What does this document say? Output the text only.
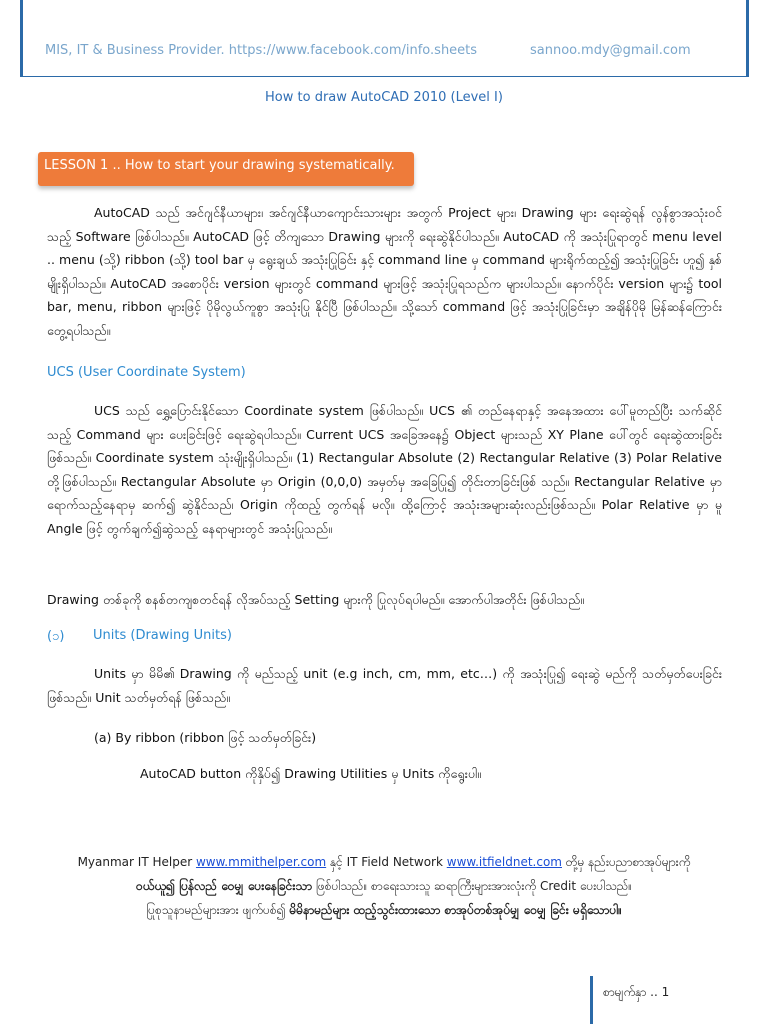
MIS, IT & Business Provider. https://www.facebook.com/info.sheets	sannoo.mdy@gmail.com
How to draw AutoCAD 2010 (Level I)
LESSON 1 .. How to start your drawing systematically.

AutoCAD သည် အင်ဂျင်နီယာများ၊ အင်ဂျင်နီယာကျောင်းသားများ အတွက် Project များ၊ Drawing များ ရေးဆွဲရန် လွန်စွာအသုံးဝင်သည့် Software ဖြစ်ပါသည်။ AutoCAD ဖြင့် တိကျသော Drawing များကို ရေးဆွဲနိုင်ပါသည်။ AutoCAD ကို အသုံးပြုရာတွင် menu level .. menu (သို့) ribbon (သို့) tool bar မှ ရွေးချယ် အသုံးပြုခြင်း နှင့် command line မှ command များရိုက်ထည့်၍ အသုံးပြုခြင်း ဟူ၍ နှစ်မျိုးရှိပါသည်။ AutoCAD အစောပိုင်း version များတွင် command များဖြင့် အသုံးပြုရသည်က များပါသည်။ နောက်ပိုင်း version များ၌ tool bar, menu, ribbon များဖြင့် ပိုမိုလွယ်ကူစွာ အသုံးပြု နိုင်ပြီ ဖြစ်ပါသည်။ သို့သော် command ဖြင့် အသုံးပြုခြင်းမှာ အချိန်ပိုမို မြန်ဆန်ကြောင်း တွေ့ရပါသည်။

UCS (User Coordinate System)

UCS သည် ရွှေ့ပြောင်းနိုင်သော Coordinate system ဖြစ်ပါသည်။ UCS ၏ တည်နေရာနှင့် အနေအထား ပေါ်မူတည်ပြီး သက်ဆိုင်သည့် Command များ ပေးခြင်းဖြင့် ရေးဆွဲရပါသည်။ Current UCS အခြေအနေ၌ Object များသည် XY Plane ပေါ်တွင် ရေးဆွဲထားခြင်းဖြစ်သည်။ Coordinate system သုံးမျိုးရှိပါသည်။ (1) Rectangular Absolute (2) Rectangular Relative (3) Polar Relative တို့ဖြစ်ပါသည်။ Rectangular Absolute မှာ Origin (0,0,0) အမှတ်မှ အခြေပြု၍ တိုင်းတာခြင်းဖြစ် သည်။ Rectangular Relative မှာ ရောက်သည့်နေရာမှ ဆက်၍ ဆွဲနိုင်သည်၊ Origin ကိုထည့် တွက်ရန် မလို။ ထို့ကြောင့် အသုံးအများဆုံးလည်းဖြစ်သည်။ Polar Relative မှာ မူ Angle ဖြင့် တွက်ချက်၍ဆွဲသည့် နေရာများတွင် အသုံးပြုသည်။

Drawing တစ်ခုကို စနစ်တကျစတင်ရန် လိုအပ်သည့် Setting များကို ပြုလုပ်ရပါမည်။ အောက်ပါအတိုင်း ဖြစ်ပါသည်။

(၁) Units (Drawing Units)

Units မှာ မိမိ၏ Drawing ကို မည်သည့် unit (e.g inch, cm, mm, etc…) ကို အသုံးပြု၍ ရေးဆွဲ မည်ကို သတ်မှတ်ပေးခြင်း ဖြစ်သည်။ Unit သတ်မှတ်ရန် ဖြစ်သည်။

(a) By ribbon (ribbon ဖြင့် သတ်မှတ်ခြင်း)

AutoCAD button ကိုနှိပ်၍ Drawing Utilities မှ Units ကိုရွေးပါ။

Myanmar IT Helper www.mmithelper.com နှင့် IT Field Network www.itfieldnet.com တို့မှ နည်းပညာစာအုပ်များကို
ဝယ်ယူ၍ ပြန်လည် ဝေမျှ ပေးနေခြင်းသာ ဖြစ်ပါသည်။ စာရေးသားသူ ဆရာကြီးများအားလုံးကို Credit ပေးပါသည်။
ပြုစုသူနာမည်များအား ဖျက်ပစ်၍ မိမိနာမည်များ ထည့်သွင်းထားသော စာအုပ်တစ်အုပ်မျှ ဝေမျှ ခြင်း မရှိသောပါ။
စာမျက်နှာ .. 1
